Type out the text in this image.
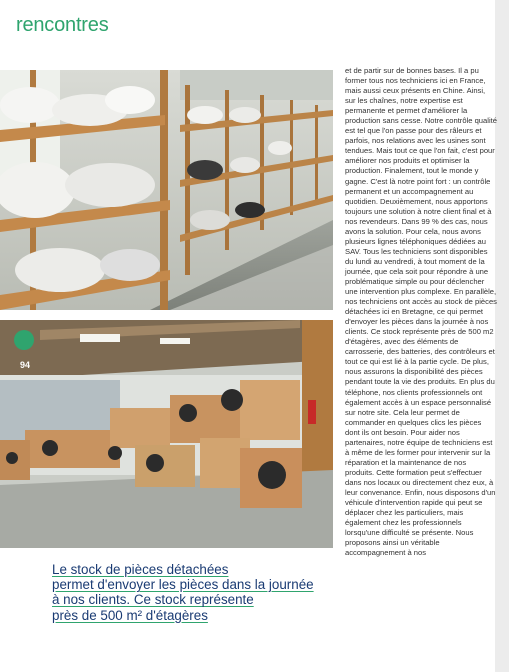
rencontres
94

et de partir sur de bonnes bases. Il a pu former tous nos techniciens ici en France, mais aussi ceux présents en Chine. Ainsi, sur les chaînes, notre expertise est permanente et permet d'améliorer la production sans cesse. Notre contrôle qualité est tel que l'on passe pour des râleurs et parfois, nos relations avec les usines sont tendues. Mais tout ce que l'on fait, c'est pour améliorer nos produits et optimiser la production. Finalement, tout le monde y gagne. C'est là notre point fort : un contrôle permanent et un accompagnement au quotidien. Deuxièmement, nous apportons toujours une solution à notre client final et à nos revendeurs. Dans 99 % des cas, nous avons la solution. Pour cela, nous avons plusieurs lignes téléphoniques dédiées au SAV. Tous les techniciens sont disponibles du lundi au vendredi, à tout moment de la journée, que cela soit pour répondre à une problématique simple ou pour déclencher une intervention plus complexe. En parallèle, nos techniciens ont accès au stock de pièces détachées ici en Bretagne, ce qui permet d'envoyer les pièces dans la journée à nos clients. Ce stock représente près de 500 m2 d'étagères, avec des éléments de carrosserie, des batteries, des contrôleurs et tout ce qui est lié à la partie cycle. De plus, nous assurons la disponibilité des pièces pendant toute la vie des produits. En plus du téléphone, nos clients professionnels ont également accès à un espace personnalisé sur notre site. Cela leur permet de commander en quelques clics les pièces dont ils ont besoin. Pour aider nos partenaires, notre équipe de techniciens est à même de les former pour intervenir sur la réparation et la maintenance de nos produits. Cette formation peut s'effectuer dans nos locaux ou directement chez eux, à leur convenance. Enfin, nous disposons d'un véhicule d'intervention rapide qui peut se déplacer chez les particuliers, mais également chez les professionnels lorsqu'une difficulté se présente. Nous proposons ainsi un véritable accompagnement à nos

Le stock de pièces détachées
permet d'envoyer les pièces dans la journée
à nos clients. Ce stock représente
près de 500 m² d'étagères
